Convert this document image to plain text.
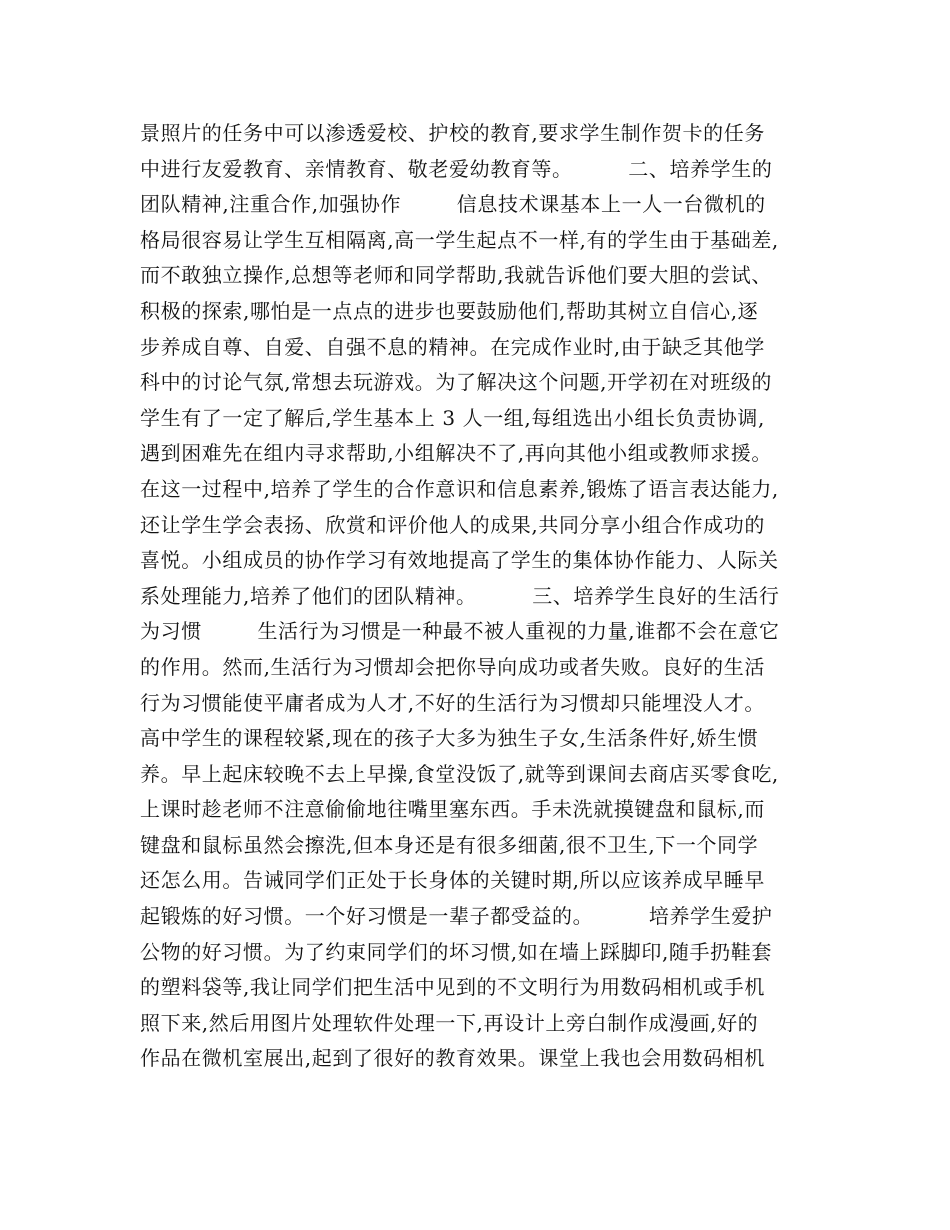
景照片的任务中可以渗透爱校、护校的教育,要求学生制作贺卡的任务
中进行友爱教育、亲情教育、敬老爱幼教育等。        二、培养学生的
团队精神,注重合作,加强协作        信息技术课基本上一人一台微机的
格局很容易让学生互相隔离,高一学生起点不一样,有的学生由于基础差,
而不敢独立操作,总想等老师和同学帮助,我就告诉他们要大胆的尝试、
积极的探索,哪怕是一点点的进步也要鼓励他们,帮助其树立自信心,逐
步养成自尊、自爱、自强不息的精神。在完成作业时,由于缺乏其他学
科中的讨论气氛,常想去玩游戏。为了解决这个问题,开学初在对班级的
学生有了一定了解后,学生基本上 3 人一组,每组选出小组长负责协调,
遇到困难先在组内寻求帮助,小组解决不了,再向其他小组或教师求援。
在这一过程中,培养了学生的合作意识和信息素养,锻炼了语言表达能力,
还让学生学会表扬、欣赏和评价他人的成果,共同分享小组合作成功的
喜悦。小组成员的协作学习有效地提高了学生的集体协作能力、人际关
系处理能力,培养了他们的团队精神。        三、培养学生良好的生活行
为习惯        生活行为习惯是一种最不被人重视的力量,谁都不会在意它
的作用。然而,生活行为习惯却会把你导向成功或者失败。良好的生活
行为习惯能使平庸者成为人才,不好的生活行为习惯却只能埋没人才。
高中学生的课程较紧,现在的孩子大多为独生子女,生活条件好,娇生惯
养。早上起床较晚不去上早操,食堂没饭了,就等到课间去商店买零食吃,
上课时趁老师不注意偷偷地往嘴里塞东西。手未洗就摸键盘和鼠标,而
键盘和鼠标虽然会擦洗,但本身还是有很多细菌,很不卫生,下一个同学
还怎么用。告诫同学们正处于长身体的关键时期,所以应该养成早睡早
起锻炼的好习惯。一个好习惯是一辈子都受益的。        培养学生爱护
公物的好习惯。为了约束同学们的坏习惯,如在墙上踩脚印,随手扔鞋套
的塑料袋等,我让同学们把生活中见到的不文明行为用数码相机或手机
照下来,然后用图片处理软件处理一下,再设计上旁白制作成漫画,好的
作品在微机室展出,起到了很好的教育效果。课堂上我也会用数码相机
